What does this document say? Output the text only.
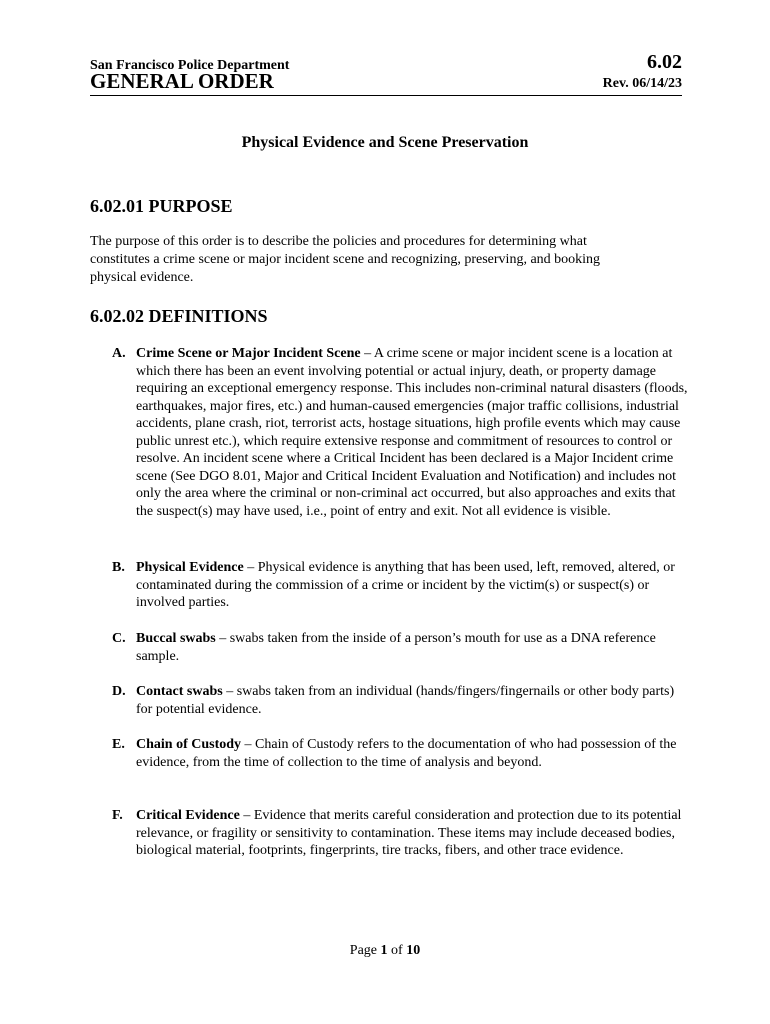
San Francisco Police Department	6.02
GENERAL ORDER	Rev. 06/14/23
Physical Evidence and Scene Preservation
6.02.01 PURPOSE
The purpose of this order is to describe the policies and procedures for determining what constitutes a crime scene or major incident scene and recognizing, preserving, and booking physical evidence.
6.02.02 DEFINITIONS
A. Crime Scene or Major Incident Scene – A crime scene or major incident scene is a location at which there has been an event involving potential or actual injury, death, or property damage requiring an exceptional emergency response. This includes non-criminal natural disasters (floods, earthquakes, major fires, etc.) and human-caused emergencies (major traffic collisions, industrial accidents, plane crash, riot, terrorist acts, hostage situations, high profile events which may cause public unrest etc.), which require extensive response and commitment of resources to control or resolve. An incident scene where a Critical Incident has been declared is a Major Incident crime scene (See DGO 8.01, Major and Critical Incident Evaluation and Notification) and includes not only the area where the criminal or non-criminal act occurred, but also approaches and exits that the suspect(s) may have used, i.e., point of entry and exit. Not all evidence is visible.
B. Physical Evidence – Physical evidence is anything that has been used, left, removed, altered, or contaminated during the commission of a crime or incident by the victim(s) or suspect(s) or involved parties.
C. Buccal swabs – swabs taken from the inside of a person’s mouth for use as a DNA reference sample.
D. Contact swabs – swabs taken from an individual (hands/fingers/fingernails or other body parts) for potential evidence.
E. Chain of Custody – Chain of Custody refers to the documentation of who had possession of the evidence, from the time of collection to the time of analysis and beyond.
F. Critical Evidence – Evidence that merits careful consideration and protection due to its potential relevance, or fragility or sensitivity to contamination. These items may include deceased bodies, biological material, footprints, fingerprints, tire tracks, fibers, and other trace evidence.
Page 1 of 10
